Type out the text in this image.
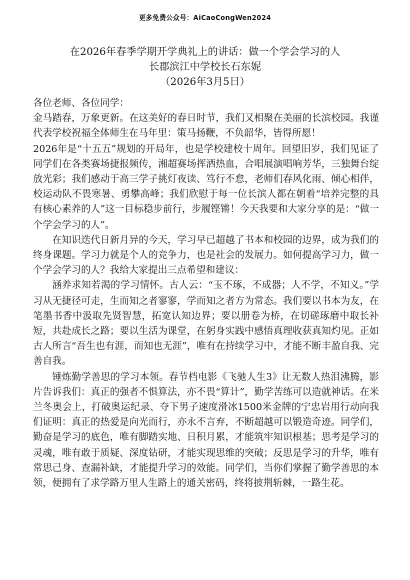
更多免费公众号：AiCaoCongWen2024
在2026年春季学期开学典礼上的讲话：做一个学会学习的人
长郡滨江中学校长石东妮
（2026年3月5日）

各位老师、各位同学：

金马踏春，万象更新。在这美好的春日时节，我们又相聚在美丽的长滨校园。我谨代表学校祝福全体师生在马年里：策马扬鞭，不负韶华，皆得所愿！

2026年是“十五五”规划的开局年，也是学校建校十周年。回望旧岁，我们见证了同学们在各类赛场捷报频传，湘超赛场挥洒热血，合唱展演唱响芳华，三独舞台绽放光彩；我们感动于高三学子挑灯夜读、笃行不怠，老师们春风化雨、倾心相伴，校运动队不畏寒暑、勇攀高峰；我们欣慰于每一位长滨人都在朝着“培养完整的具有核心素养的人”这一目标稳步前行，步履铿锵！今天我要和大家分享的是：“做一个学会学习的人”。

在知识迭代日新月异的今天，学习早已超越了书本和校园的边界，成为我们的终身课题。学习力就是个人的竞争力，也是社会的发展力。如何提高学习力，做一个学会学习的人？我给大家提出三点希望和建议：

涵养求知若渴的学习情怀。古人云：“玉不琢，不成器；人不学，不知义。”学习从无捷径可走，生而知之者寥寥，学而知之者方为常态。我们要以书本为友，在笔墨书香中汲取先贤智慧，拓宽认知边界；要以册卷为桥，在切磋琢磨中取长补短，共赴成长之路；要以生活为课堂，在躬身实践中感悟真理收获真知灼见。正如古人所言“吾生也有涯，而知也无涯”，唯有在持续学习中，才能不断丰盈自我、完善自我。

锤炼勤学善思的学习本领。春节档电影《飞驰人生3》让无数人热泪沸腾，影片告诉我们：真正的强者不惧算法，亦不畏“算计”，勤学苦练可以造就神话。在米兰冬奥会上，打破奥运纪录、夺下男子速度滑冰1500米金牌的宁忠岩用行动向我们证明：真正的热爱是向光而行，亦永不言弃，不断超越可以锻造奇迹。同学们，勤奋是学习的底色，唯有脚踏实地、日积月累，才能筑牢知识根基；思考是学习的灵魂，唯有敢于质疑、深度钻研，才能实现思维的突破；反思是学习的升华，唯有常思己身、查漏补缺，才能提升学习的效能。同学们，当你们掌握了勤学善思的本领，便拥有了求学路万里人生路上的通关密码，终将披荆斩棘，一路生花。
